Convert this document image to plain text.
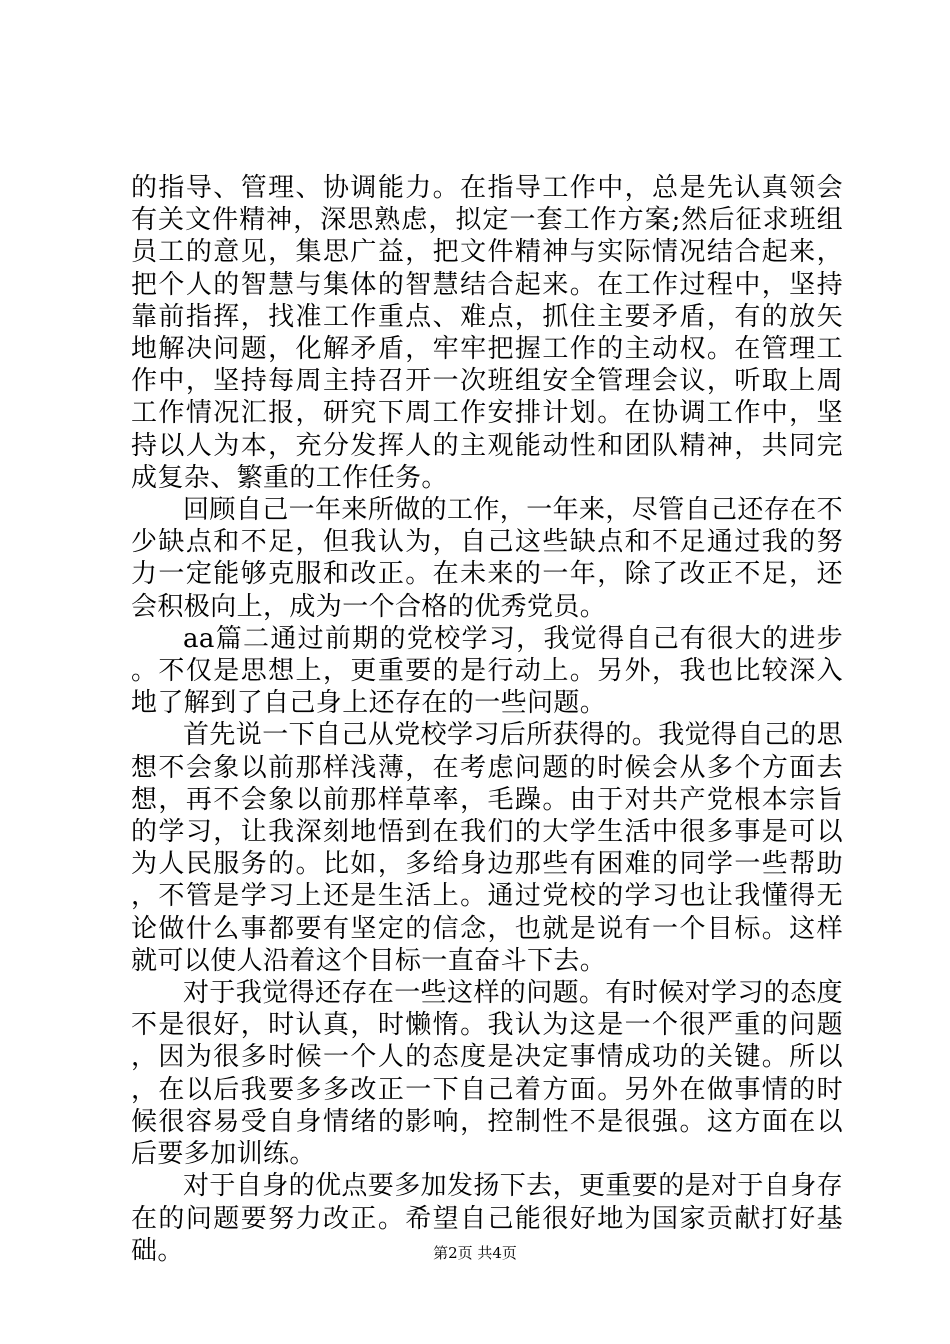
的指导、管理、协调能力。在指导工作中，总是先认真领会有关文件精神，深思熟虑，拟定一套工作方案;然后征求班组员工的意见，集思广益，把文件精神与实际情况结合起来，把个人的智慧与集体的智慧结合起来。在工作过程中，坚持靠前指挥，找准工作重点、难点，抓住主要矛盾，有的放矢地解决问题，化解矛盾，牢牢把握工作的主动权。在管理工作中，坚持每周主持召开一次班组安全管理会议，听取上周工作情况汇报，研究下周工作安排计划。在协调工作中，坚持以人为本，充分发挥人的主观能动性和团队精神，共同完成复杂、繁重的工作任务。

回顾自己一年来所做的工作，一年来，尽管自己还存在不少缺点和不足，但我认为，自己这些缺点和不足通过我的努力一定能够克服和改正。在未来的一年，除了改正不足，还会积极向上，成为一个合格的优秀党员。

aa篇二通过前期的党校学习，我觉得自己有很大的进步。不仅是思想上，更重要的是行动上。另外，我也比较深入地了解到了自己身上还存在的一些问题。

首先说一下自己从党校学习后所获得的。我觉得自己的思想不会象以前那样浅薄，在考虑问题的时候会从多个方面去想，再不会象以前那样草率，毛躁。由于对共产党根本宗旨的学习，让我深刻地悟到在我们的大学生活中很多事是可以为人民服务的。比如，多给身边那些有困难的同学一些帮助，不管是学习上还是生活上。通过党校的学习也让我懂得无论做什么事都要有坚定的信念，也就是说有一个目标。这样就可以使人沿着这个目标一直奋斗下去。

对于我觉得还存在一些这样的问题。有时候对学习的态度不是很好，时认真，时懒惰。我认为这是一个很严重的问题，因为很多时候一个人的态度是决定事情成功的关键。所以，在以后我要多多改正一下自己着方面。另外在做事情的时候很容易受自身情绪的影响，控制性不是很强。这方面在以后要多加训练。

对于自身的优点要多加发扬下去，更重要的是对于自身存在的问题要努力改正。希望自己能很好地为国家贡献打好基础。	第2页 共4页
